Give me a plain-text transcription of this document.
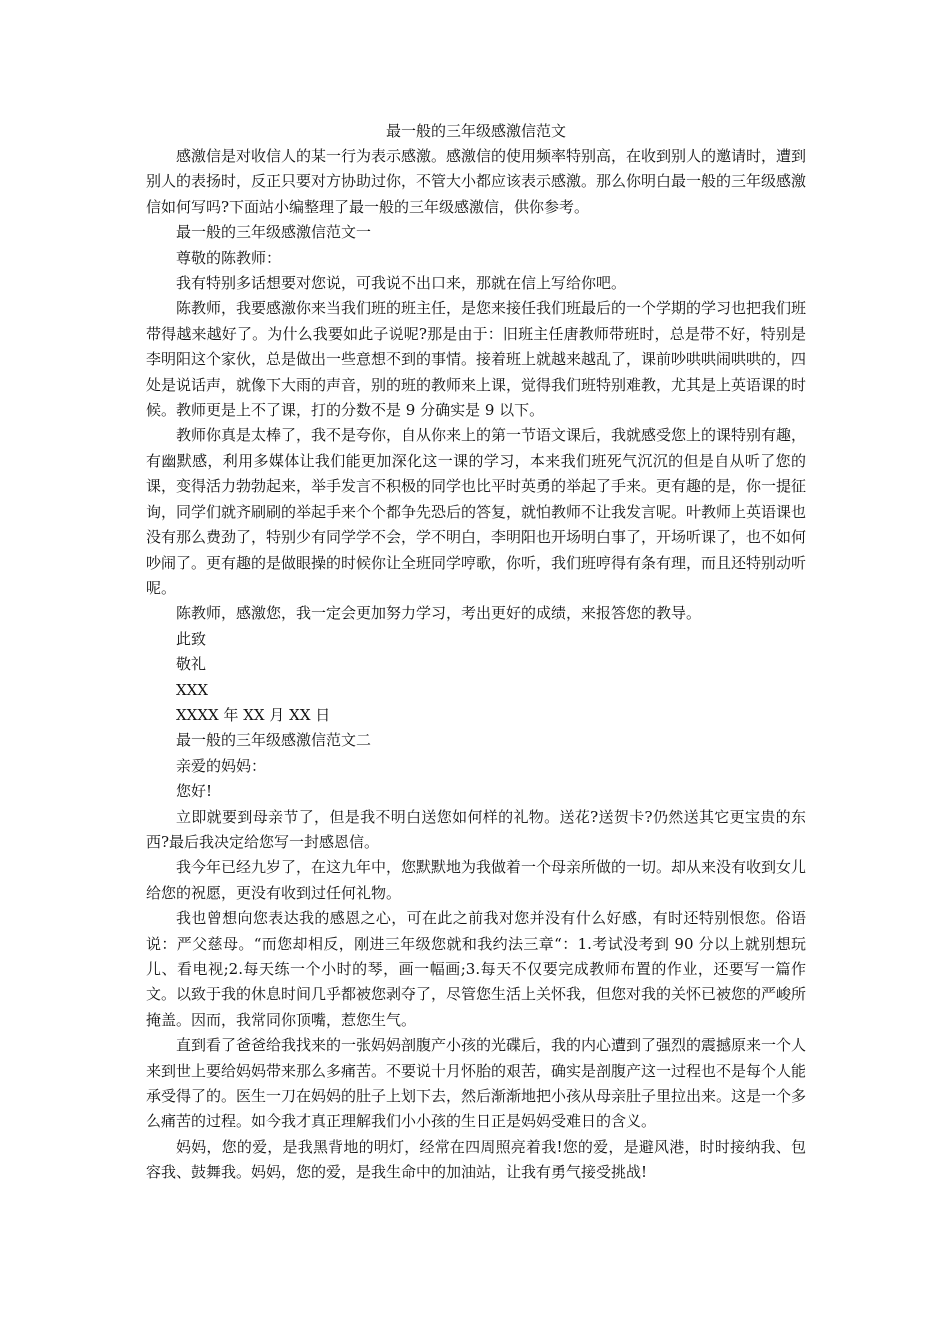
最一般的三年级感激信范文

感激信是对收信人的某一行为表示感激。感激信的使用频率特别高，在收到别人的邀请时，遭到别人的表扬时，反正只要对方协助过你，不管大小都应该表示感激。那么你明白最一般的三年级感激信如何写吗?下面站小编整理了最一般的三年级感激信，供你参考。

最一般的三年级感激信范文一

尊敬的陈教师：

我有特别多话想要对您说，可我说不出口来，那就在信上写给你吧。

陈教师，我要感激你来当我们班的班主任，是您来接任我们班最后的一个学期的学习也把我们班带得越来越好了。为什么我要如此子说呢?那是由于：旧班主任唐教师带班时，总是带不好，特别是李明阳这个家伙，总是做出一些意想不到的事情。接着班上就越来越乱了，课前吵哄哄闹哄哄的，四处是说话声，就像下大雨的声音，别的班的教师来上课，觉得我们班特别难教，尤其是上英语课的时候。教师更是上不了课，打的分数不是 9 分确实是 9 以下。

教师你真是太棒了，我不是夸你，自从你来上的第一节语文课后，我就感受您上的课特别有趣，有幽默感，利用多媒体让我们能更加深化这一课的学习，本来我们班死气沉沉的但是自从听了您的课，变得活力勃勃起来，举手发言不积极的同学也比平时英勇的举起了手来。更有趣的是，你一提征询，同学们就齐刷刷的举起手来个个都争先恐后的答复，就怕教师不让我发言呢。叶教师上英语课也没有那么费劲了，特别少有同学学不会，学不明白，李明阳也开场明白事了，开场听课了，也不如何吵闹了。更有趣的是做眼操的时候你让全班同学哼歌，你听，我们班哼得有条有理，而且还特别动听呢。

陈教师，感激您，我一定会更加努力学习，考出更好的成绩，来报答您的教导。

此致

敬礼

XXX

XXXX 年 XX 月 XX 日

最一般的三年级感激信范文二

亲爱的妈妈：

您好!

立即就要到母亲节了，但是我不明白送您如何样的礼物。送花?送贺卡?仍然送其它更宝贵的东西?最后我决定给您写一封感恩信。

我今年已经九岁了，在这九年中，您默默地为我做着一个母亲所做的一切。却从来没有收到女儿给您的祝愿，更没有收到过任何礼物。

我也曾想向您表达我的感恩之心，可在此之前我对您并没有什么好感，有时还特别恨您。俗语说：严父慈母。“而您却相反，刚进三年级您就和我约法三章“：1.考试没考到 90 分以上就别想玩儿、看电视;2.每天练一个小时的琴，画一幅画;3.每天不仅要完成教师布置的作业，还要写一篇作文。以致于我的休息时间几乎都被您剥夺了，尽管您生活上关怀我，但您对我的关怀已被您的严峻所掩盖。因而，我常同你顶嘴，惹您生气。

直到看了爸爸给我找来的一张妈妈剖腹产小孩的光碟后，我的内心遭到了强烈的震撼原来一个人来到世上要给妈妈带来那么多痛苦。不要说十月怀胎的艰苦，确实是剖腹产这一过程也不是每个人能承受得了的。医生一刀在妈妈的肚子上划下去，然后渐渐地把小孩从母亲肚子里拉出来。这是一个多么痛苦的过程。如今我才真正理解我们小小孩的生日正是妈妈受难日的含义。

妈妈，您的爱，是我黑背地的明灯，经常在四周照亮着我!您的爱，是避风港，时时接纳我、包容我、鼓舞我。妈妈，您的爱，是我生命中的加油站，让我有勇气接受挑战!
